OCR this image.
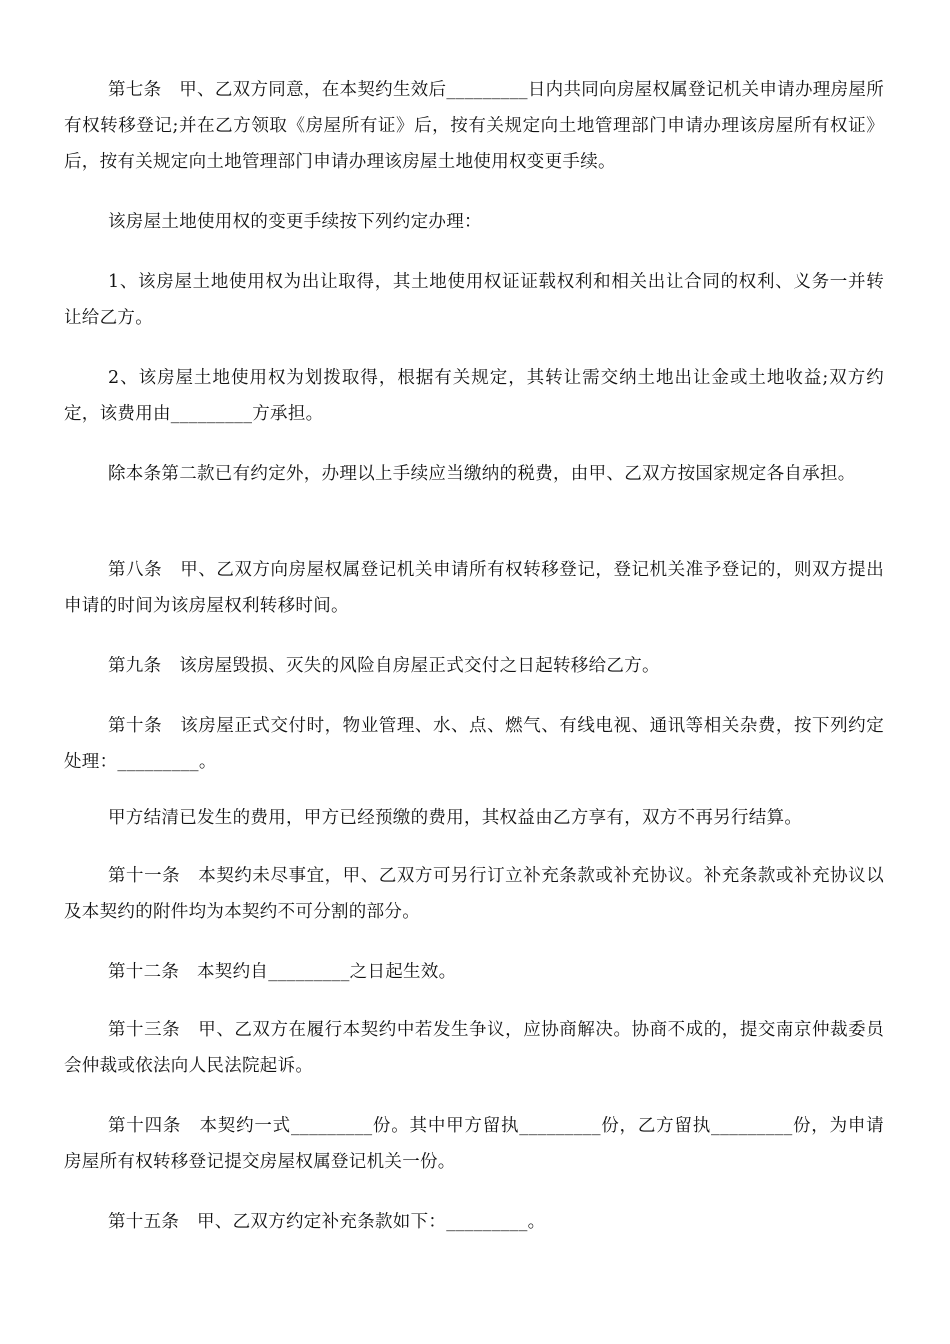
第七条　甲、乙双方同意，在本契约生效后_________日内共同向房屋权属登记机关申请办理房屋所有权转移登记;并在乙方领取《房屋所有证》后，按有关规定向土地管理部门申请办理该房屋所有权证》后，按有关规定向土地管理部门申请办理该房屋土地使用权变更手续。

该房屋土地使用权的变更手续按下列约定办理：

1、该房屋土地使用权为出让取得，其土地使用权证证载权利和相关出让合同的权利、义务一并转让给乙方。

2、该房屋土地使用权为划拨取得，根据有关规定，其转让需交纳土地出让金或土地收益;双方约定，该费用由_________方承担。

除本条第二款已有约定外，办理以上手续应当缴纳的税费，由甲、乙双方按国家规定各自承担。

第八条　甲、乙双方向房屋权属登记机关申请所有权转移登记，登记机关准予登记的，则双方提出申请的时间为该房屋权利转移时间。

第九条　该房屋毁损、灭失的风险自房屋正式交付之日起转移给乙方。

第十条　该房屋正式交付时，物业管理、水、点、燃气、有线电视、通讯等相关杂费，按下列约定处理：_________。

甲方结清已发生的费用，甲方已经预缴的费用，其权益由乙方享有，双方不再另行结算。

第十一条　本契约未尽事宜，甲、乙双方可另行订立补充条款或补充协议。补充条款或补充协议以及本契约的附件均为本契约不可分割的部分。

第十二条　本契约自_________之日起生效。

第十三条　甲、乙双方在履行本契约中若发生争议，应协商解决。协商不成的，提交南京仲裁委员会仲裁或依法向人民法院起诉。

第十四条　本契约一式_________份。其中甲方留执_________份，乙方留执_________份，为申请房屋所有权转移登记提交房屋权属登记机关一份。

第十五条　甲、乙双方约定补充条款如下：_________。
